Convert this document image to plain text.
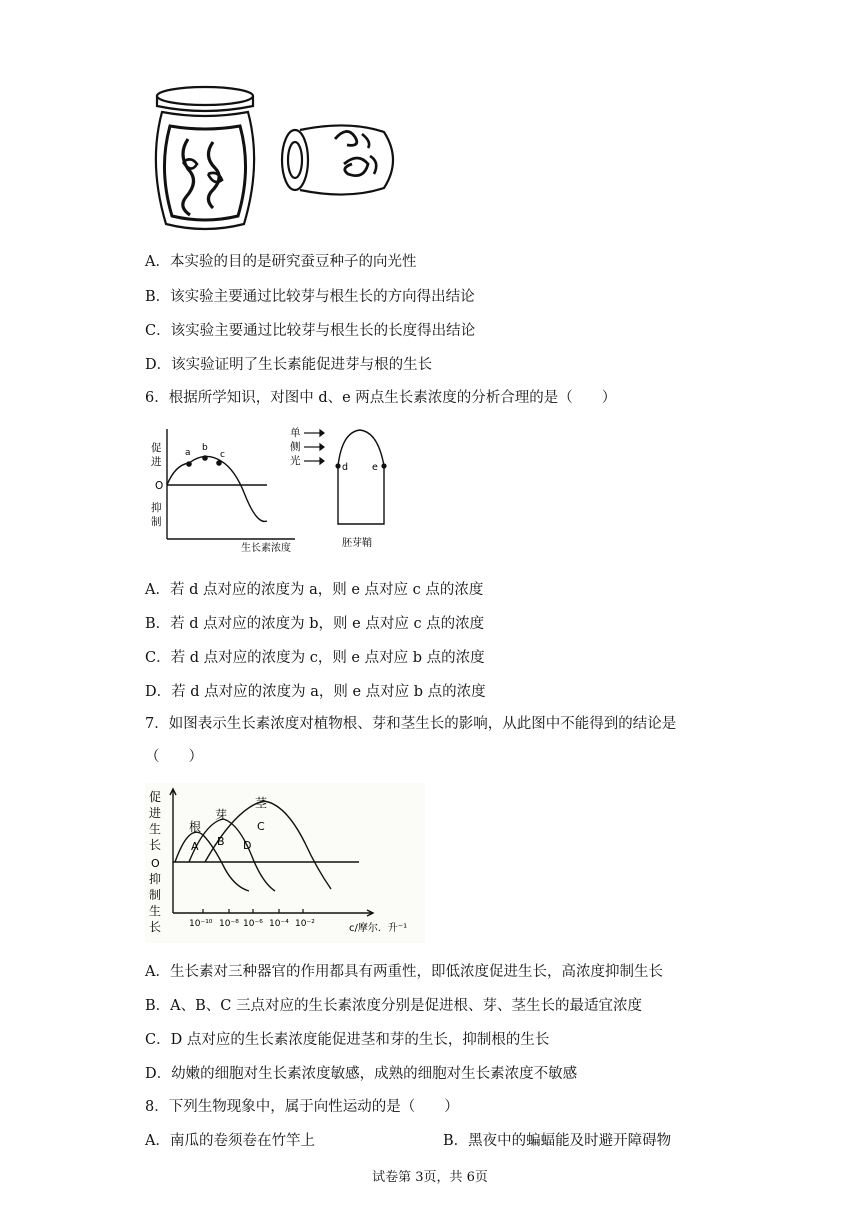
A．本实验的目的是研究蚕豆种子的向光性
B．该实验主要通过比较芽与根生长的方向得出结论
C．该实验主要通过比较芽与根生长的长度得出结论
D．该实验证明了生长素能促进芽与根的生长
6．根据所学知识，对图中 d、e 两点生长素浓度的分析合理的是（　　）
促
进
O
抑
制
a b
c
生长素浓度
单
侧
光
d	e
胚芽鞘
A．若 d 点对应的浓度为 a，则 e 点对应 c 点的浓度
B．若 d 点对应的浓度为 b，则 e 点对应 c 点的浓度
C．若 d 点对应的浓度为 c，则 e 点对应 b 点的浓度
D．若 d 点对应的浓度为 a，则 e 点对应 b 点的浓度
7．如图表示生长素浓度对植物根、芽和茎生长的影响，从此图中不能得到的结论是
（　　）
促
进
生
长
O
抑
制
生
长
根
芽
茎
A B
C
D
10⁻¹⁰ 10⁻⁸ 10⁻⁶ 10⁻⁴ 10⁻²	c/摩尔．升⁻¹
A．生长素对三种器官的作用都具有两重性，即低浓度促进生长，高浓度抑制生长
B．A、B、C 三点对应的生长素浓度分别是促进根、芽、茎生长的最适宜浓度
C．D 点对应的生长素浓度能促进茎和芽的生长，抑制根的生长
D．幼嫩的细胞对生长素浓度敏感，成熟的细胞对生长素浓度不敏感
8．下列生物现象中，属于向性运动的是（　　）
A．南瓜的卷须卷在竹竿上	B．黑夜中的蝙蝠能及时避开障碍物
试卷第 3页，共 6页
